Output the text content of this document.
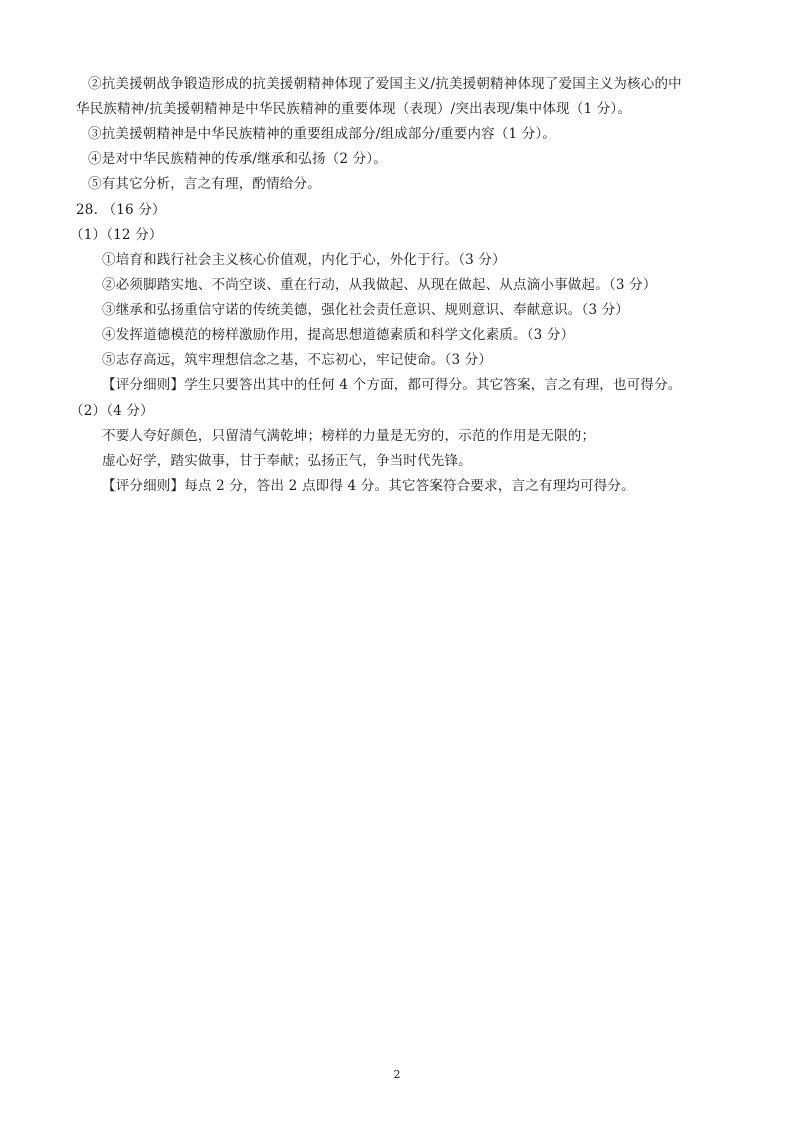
②抗美援朝战争锻造形成的抗美援朝精神体现了爱国主义/抗美援朝精神体现了爱国主义为核心的中
华民族精神/抗美援朝精神是中华民族精神的重要体现（表现）/突出表现/集中体现（1 分）。
③抗美援朝精神是中华民族精神的重要组成部分/组成部分/重要内容（1 分）。
④是对中华民族精神的传承/继承和弘扬（2 分）。
⑤有其它分析，言之有理，酌情给分。
28. （16 分）
（1）（12 分）
①培育和践行社会主义核心价值观，内化于心，外化于行。（3 分）
②必须脚踏实地、不尚空谈、重在行动，从我做起、从现在做起、从点滴小事做起。（3 分）
③继承和弘扬重信守诺的传统美德，强化社会责任意识、规则意识、奉献意识。（3 分）
④发挥道德模范的榜样激励作用，提高思想道德素质和科学文化素质。（3 分）
⑤志存高远，筑牢理想信念之基，不忘初心，牢记使命。（3 分）
【评分细则】学生只要答出其中的任何 4 个方面，都可得分。其它答案，言之有理，也可得分。
（2）（4 分）
不要人夸好颜色，只留清气满乾坤；榜样的力量是无穷的，示范的作用是无限的；
虚心好学，踏实做事，甘于奉献；弘扬正气，争当时代先锋。
【评分细则】每点 2 分，答出 2 点即得 4 分。其它答案符合要求，言之有理均可得分。
2
